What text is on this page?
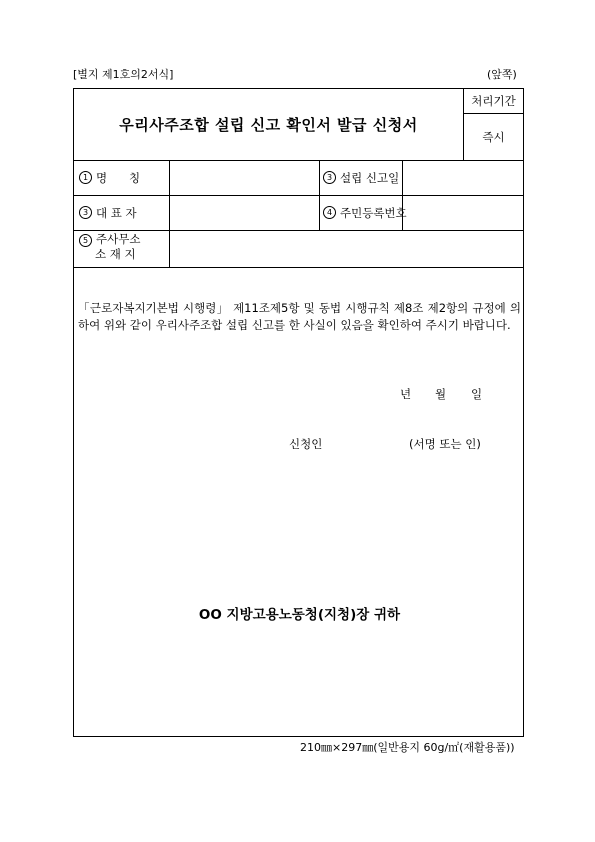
[별지 제1호의2서식]	(앞쪽)
우리사주조합 설립 신고 확인서 발급 신청서
처리기간
즉시
1 명      칭	3 설립 신고일
3 대 표 자	4 주민등록번호
5 주사무소
소 재 지
「근로자복지기본법 시행령」 제11조제5항 및 동법 시행규칙 제8조 제2항의 규정에 의하여 위와 같이 우리사주조합 설립 신고를 한 사실이 있음을 확인하여 주시기 바랍니다.
년 월 일
신청인	(서명 또는 인)
OO 지방고용노동청(지청)장 귀하
210㎜×297㎜(일반용지 60g/㎡(재활용품))
